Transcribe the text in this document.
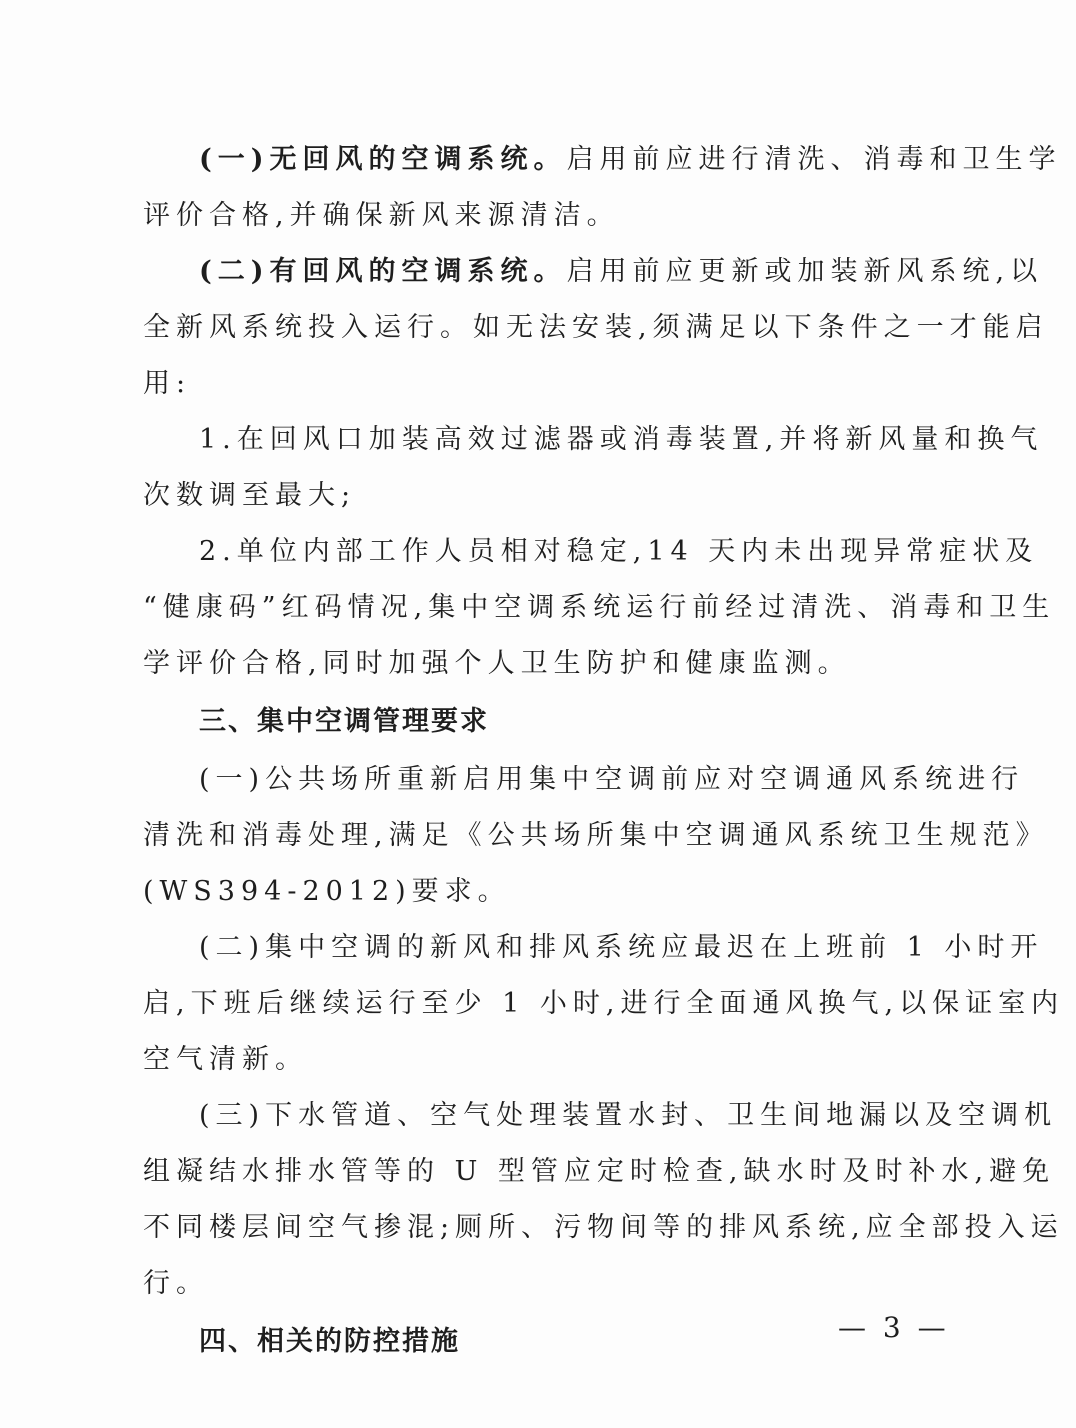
(一)无回风的空调系统。启用前应进行清洗、消毒和卫生学
评价合格,并确保新风来源清洁。
(二)有回风的空调系统。启用前应更新或加装新风系统,以
全新风系统投入运行。如无法安装,须满足以下条件之一才能启
用:
1.在回风口加装高效过滤器或消毒装置,并将新风量和换气
次数调至最大;
2.单位内部工作人员相对稳定,14 天内未出现异常症状及
“健康码”红码情况,集中空调系统运行前经过清洗、消毒和卫生
学评价合格,同时加强个人卫生防护和健康监测。
三、集中空调管理要求
(一)公共场所重新启用集中空调前应对空调通风系统进行
清洗和消毒处理,满足《公共场所集中空调通风系统卫生规范》
(WS394-2012)要求。
(二)集中空调的新风和排风系统应最迟在上班前 1 小时开
启,下班后继续运行至少 1 小时,进行全面通风换气,以保证室内
空气清新。
(三)下水管道、空气处理装置水封、卫生间地漏以及空调机
组凝结水排水管等的 U 型管应定时检查,缺水时及时补水,避免
不同楼层间空气掺混;厕所、污物间等的排风系统,应全部投入运
行。
四、相关的防控措施	— 3 —
